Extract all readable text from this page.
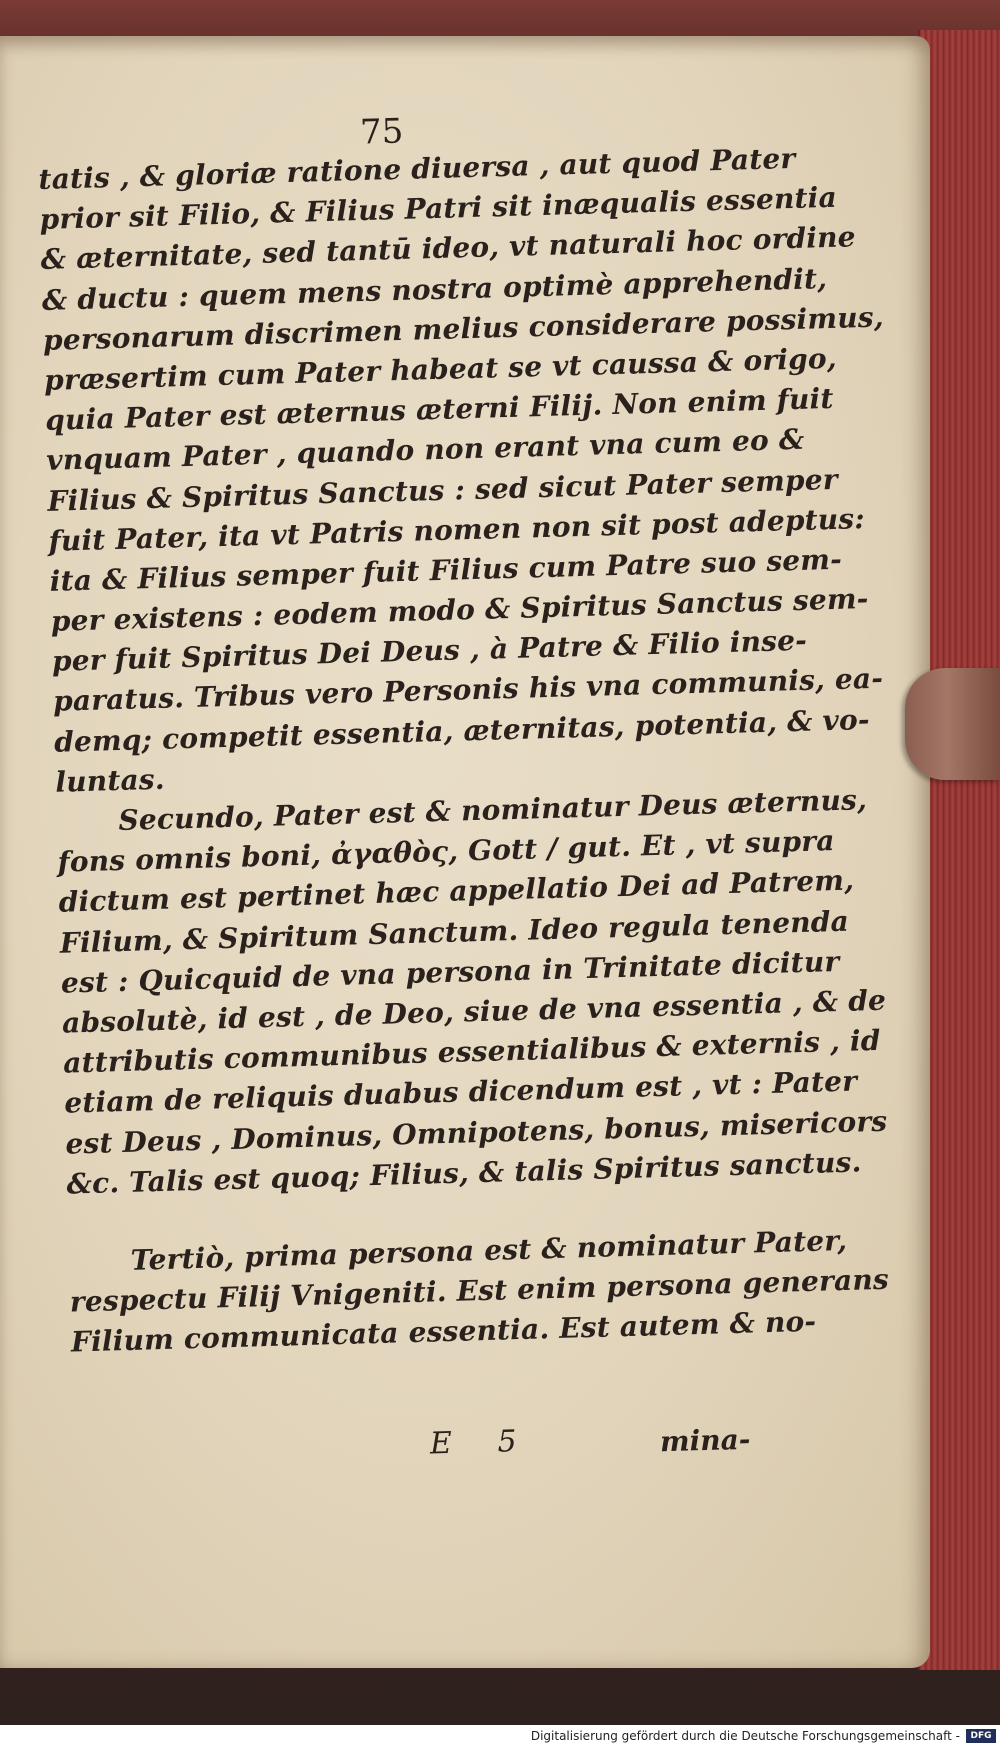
75
tatis , & gloriæ ratione diuersa , aut quod Pater
prior sit Filio, & Filius Patri sit inæqualis essentia
& æternitate, sed tantū ideo, vt naturali hoc ordine
& ductu : quem mens nostra optimè apprehendit,
personarum discrimen melius considerare possimus,
præsertim cum Pater habeat se vt caussa & origo,
quia Pater est æternus æterni Filij. Non enim fuit
vnquam Pater , quando non erant vna cum eo &
Filius & Spiritus Sanctus : sed sicut Pater semper
fuit Pater, ita vt Patris nomen non sit post adeptus:
ita & Filius semper fuit Filius cum Patre suo sem-
per existens : eodem modo & Spiritus Sanctus sem-
per fuit Spiritus Dei Deus , à Patre & Filio inse-
paratus. Tribus vero Personis his vna communis, ea-
demq; competit essentia, æternitas, potentia, & vo-
luntas.
Secundo, Pater est & nominatur Deus æternus,
fons omnis boni, ἀγαθὸς, Gott / gut. Et , vt supra
dictum est pertinet hæc appellatio Dei ad Patrem,
Filium, & Spiritum Sanctum. Ideo regula tenenda
est : Quicquid de vna persona in Trinitate dicitur
absolutè, id est , de Deo, siue de vna essentia , & de
attributis communibus essentialibus & externis , id
etiam de reliquis duabus dicendum est , vt : Pater
est Deus , Dominus, Omnipotens, bonus, misericors
&c. Talis est quoq; Filius, & talis Spiritus sanctus.
Tertiò, prima persona est & nominatur Pater,
respectu Filij Vnigeniti. Est enim persona generans
Filium communicata essentia. Est autem & no-
E 5	mina-
Digitalisierung gefördert durch die Deutsche Forschungsgemeinschaft -	DFG
